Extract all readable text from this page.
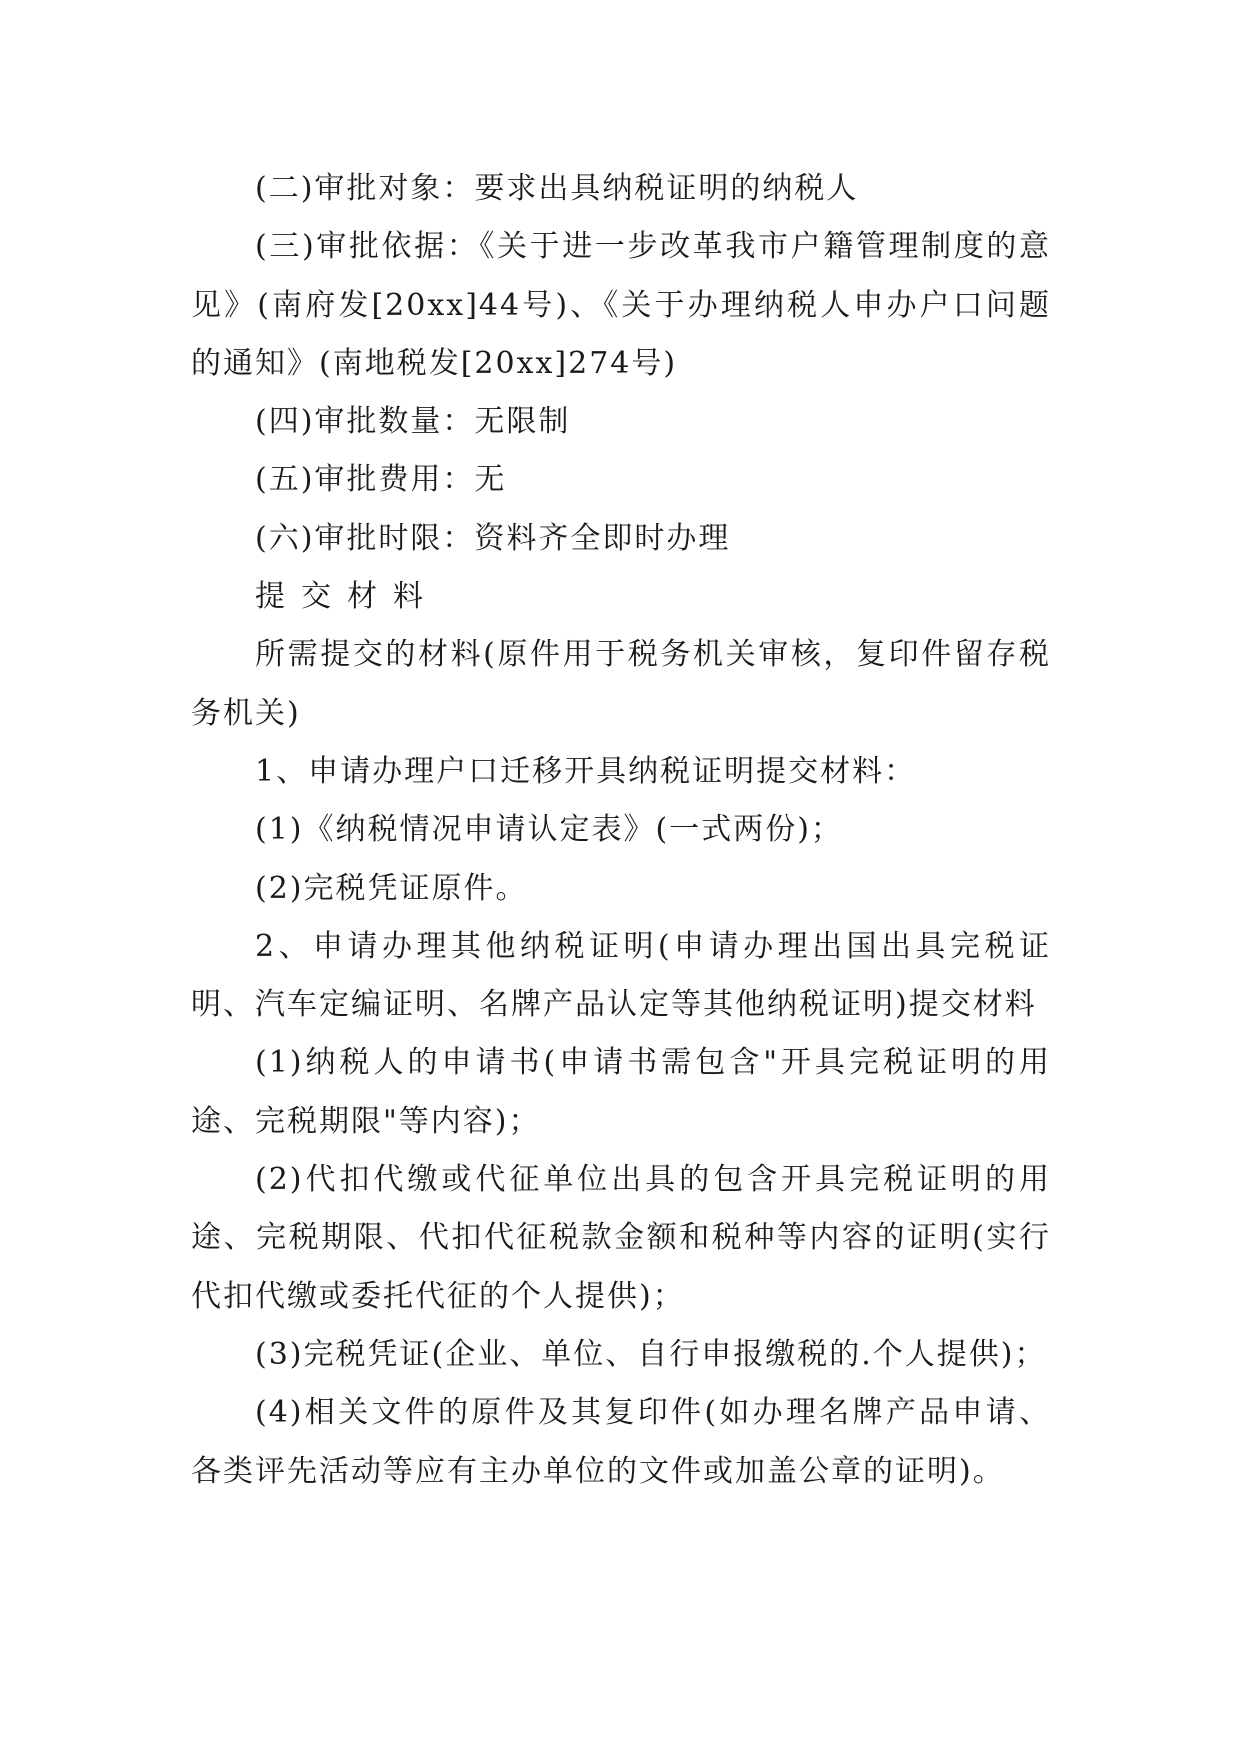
(二)审批对象：要求出具纳税证明的纳税人

(三)审批依据：《关于进一步改革我市户籍管理制度的意见》(南府发[20xx]44号)、《关于办理纳税人申办户口问题的通知》(南地税发[20xx]274号)

(四)审批数量：无限制

(五)审批费用：无

(六)审批时限：资料齐全即时办理

提交材料

所需提交的材料(原件用于税务机关审核，复印件留存税务机关)

1、申请办理户口迁移开具纳税证明提交材料：

(1)《纳税情况申请认定表》(一式两份)；

(2)完税凭证原件。

2、申请办理其他纳税证明(申请办理出国出具完税证明、汽车定编证明、名牌产品认定等其他纳税证明)提交材料

(1)纳税人的申请书(申请书需包含"开具完税证明的用途、完税期限"等内容)；

(2)代扣代缴或代征单位出具的包含开具完税证明的用途、完税期限、代扣代征税款金额和税种等内容的证明(实行代扣代缴或委托代征的个人提供)；

(3)完税凭证(企业、单位、自行申报缴税的.个人提供)；

(4)相关文件的原件及其复印件(如办理名牌产品申请、各类评先活动等应有主办单位的文件或加盖公章的证明)。
